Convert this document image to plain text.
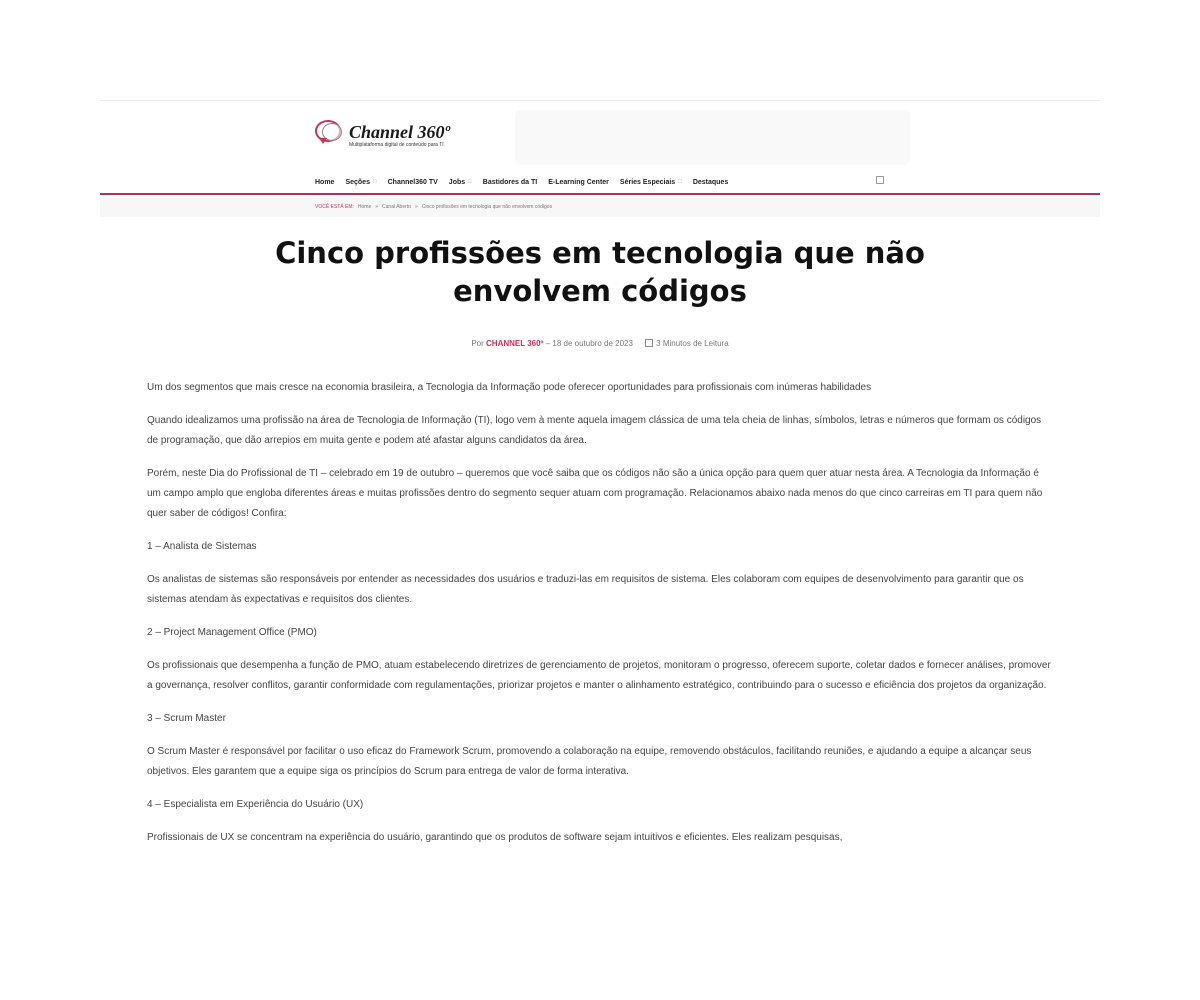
Channel 360º
Multiplataforma digital de conteúdo para TI
Home Seções □ Channel360 TV Jobs □ Bastidores da TI E-Learning Center Séries Especiais □ Destaques
VOCÊ ESTÁ EM: Home » Canal Aberto » Cinco profissões em tecnologia que não envolvem códigos
Cinco profissões em tecnologia que não envolvem códigos
Por CHANNEL 360º – 18 de outubro de 2023	3 Minutos de Leitura

Um dos segmentos que mais cresce na economia brasileira, a Tecnologia da Informação pode oferecer oportunidades para profissionais com inúmeras habilidades

Quando idealizamos uma profissão na área de Tecnologia de Informação (TI), logo vem à mente aquela imagem clássica de uma tela cheia de linhas, símbolos, letras e números que formam os códigos de programação, que dão arrepios em muita gente e podem até afastar alguns candidatos da área.

Porém, neste Dia do Profissional de TI – celebrado em 19 de outubro – queremos que você saiba que os códigos não são a única opção para quem quer atuar nesta área. A Tecnologia da Informação é um campo amplo que engloba diferentes áreas e muitas profissões dentro do segmento sequer atuam com programação. Relacionamos abaixo nada menos do que cinco carreiras em TI para quem não quer saber de códigos! Confira:

1 – Analista de Sistemas

Os analistas de sistemas são responsáveis por entender as necessidades dos usuários e traduzi-las em requisitos de sistema. Eles colaboram com equipes de desenvolvimento para garantir que os sistemas atendam às expectativas e requisitos dos clientes.

2 – Project Management Office (PMO)

Os profissionais que desempenha a função de PMO, atuam estabelecendo diretrizes de gerenciamento de projetos, monitoram o progresso, oferecem suporte, coletar dados e fornecer análises, promover a governança, resolver conflitos, garantir conformidade com regulamentações, priorizar projetos e manter o alinhamento estratégico, contribuindo para o sucesso e eficiência dos projetos da organização.

3 – Scrum Master

O Scrum Master é responsável por facilitar o uso eficaz do Framework Scrum, promovendo a colaboração na equipe, removendo obstáculos, facilitando reuniões, e ajudando a equipe a alcançar seus objetivos. Eles garantem que a equipe siga os princípios do Scrum para entrega de valor de forma interativa.

4 – Especialista em Experiência do Usuário (UX)

Profissionais de UX se concentram na experiência do usuário, garantindo que os produtos de software sejam intuitivos e eficientes. Eles realizam pesquisas,
